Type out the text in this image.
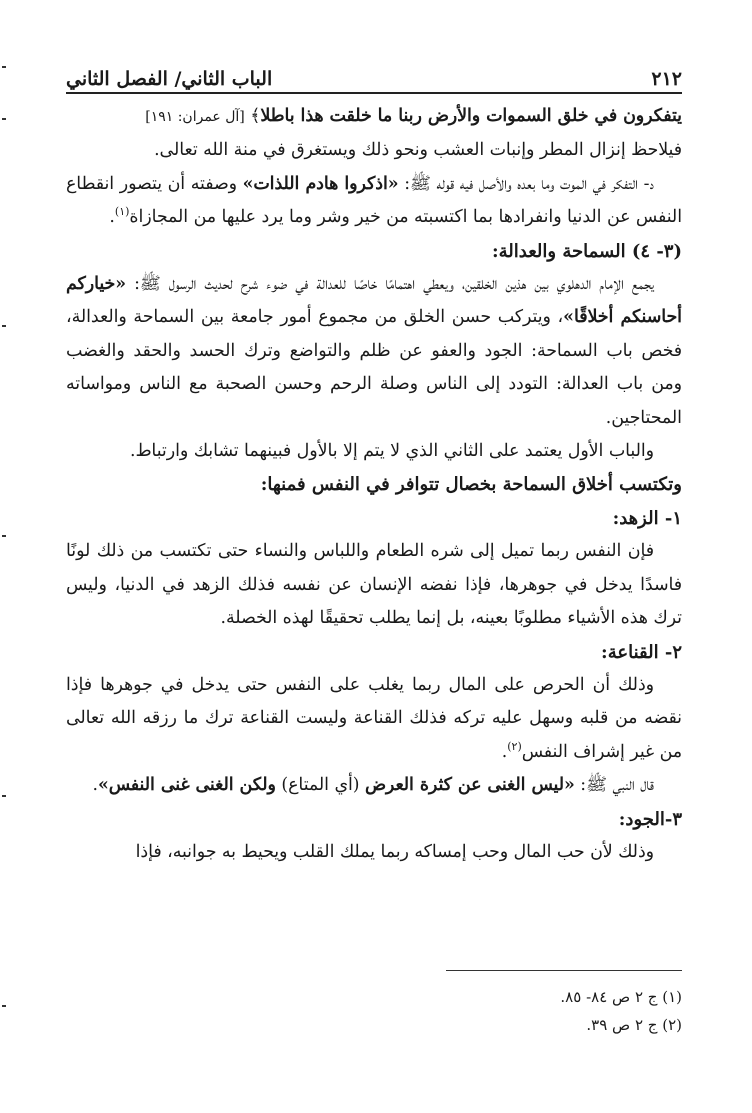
٢١٢
الباب الثاني/ الفصل الثاني

يتفكرون في خلق السموات والأرض ربنا ما خلقت هذا باطلا﴾ [آل عمران: ١٩١]

فيلاحظ إنزال المطر وإنبات العشب ونحو ذلك ويستغرق في منة الله تعالى.

د- التفكر في الموت وما بعده والأصل فيه قوله ﷺ: «اذكروا هادم اللذات» وصفته أن يتصور انقطاع النفس عن الدنيا وانفرادها بما اكتسبته من خير وشر وما يرد عليها من المجازاة$^{(١)}$.

(٣- ٤) السماحة والعدالة:

يجمع الإمام الدهلوي بين هذين الخلقين، ويعطي اهتمامًا خاصًا للعدالة في ضوء شرح لحديث الرسول ﷺ: «خياركم أحاسنكم أخلاقًا»، ويتركب حسن الخلق من مجموع أمور جامعة بين السماحة والعدالة، فخص باب السماحة: الجود والعفو عن ظلم والتواضع وترك الحسد والحقد والغضب ومن باب العدالة: التودد إلى الناس وصلة الرحم وحسن الصحبة مع الناس ومواساته المحتاجين.

والباب الأول يعتمد على الثاني الذي لا يتم إلا بالأول فبينهما تشابك وارتباط.

وتكتسب أخلاق السماحة بخصال تتوافر في النفس فمنها:

١- الزهد:

فإن النفس ربما تميل إلى شره الطعام واللباس والنساء حتى تكتسب من ذلك لونًا فاسدًا يدخل في جوهرها، فإذا نفضه الإنسان عن نفسه فذلك الزهد في الدنيا، وليس ترك هذه الأشياء مطلوبًا بعينه، بل إنما يطلب تحقيقًا لهذه الخصلة.

٢- القناعة:

وذلك أن الحرص على المال ربما يغلب على النفس حتى يدخل في جوهرها فإذا نقضه من قلبه وسهل عليه تركه فذلك القناعة وليست القناعة ترك ما رزقه الله تعالى من غير إشراف النفس$^{(٢)}$.

قال النبي ﷺ: «ليس الغنى عن كثرة العرض (أي المتاع) ولكن الغنى غنى النفس».

٣-الجود:

وذلك لأن حب المال وحب إمساكه ربما يملك القلب ويحيط به جوانبه، فإذا

(١) ج ٢ ص ٨٤- ٨٥.

(٢) ج ٢ ص ٣٩.
